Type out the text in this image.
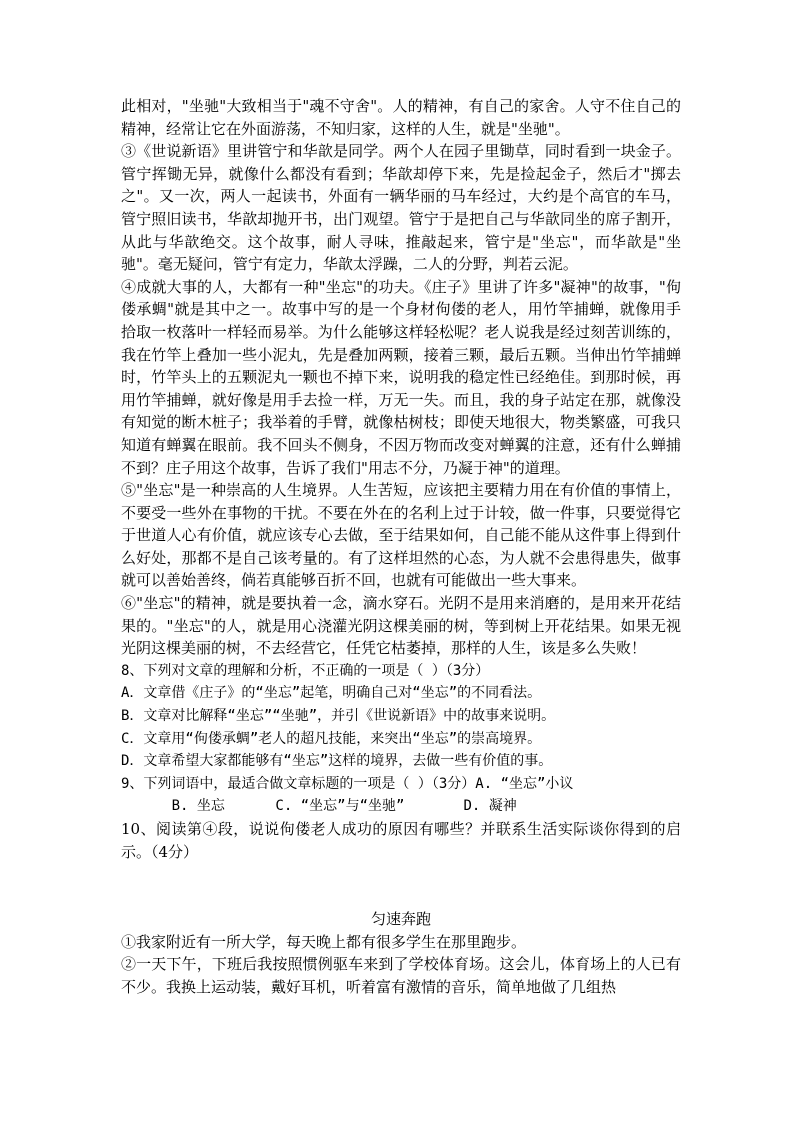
此相对，"坐驰"大致相当于"魂不守舍"。人的精神，有自己的家舍。人守不住自己的精神，经常让它在外面游荡，不知归家，这样的人生，就是"坐驰"。

③《世说新语》里讲管宁和华歆是同学。两个人在园子里锄草，同时看到一块金子。管宁挥锄无异，就像什么都没有看到；华歆却停下来，先是捡起金子，然后才"掷去之"。又一次，两人一起读书，外面有一辆华丽的马车经过，大约是个高官的车马，管宁照旧读书，华歆却抛开书，出门观望。管宁于是把自己与华歆同坐的席子割开，从此与华歆绝交。这个故事，耐人寻味，推敲起来，管宁是"坐忘"，而华歆是"坐驰"。毫无疑问，管宁有定力，华歆太浮躁，二人的分野，判若云泥。

④成就大事的人，大都有一种"坐忘"的功夫。《庄子》里讲了许多"凝神"的故事，"佝偻承蜩"就是其中之一。故事中写的是一个身材佝偻的老人，用竹竿捕蝉，就像用手拾取一枚落叶一样轻而易举。为什么能够这样轻松呢？老人说我是经过刻苦训练的，我在竹竿上叠加一些小泥丸，先是叠加两颗，接着三颗，最后五颗。当伸出竹竿捕蝉时，竹竿头上的五颗泥丸一颗也不掉下来，说明我的稳定性已经绝佳。到那时候，再用竹竿捕蝉，就好像是用手去捡一样，万无一失。而且，我的身子站定在那，就像没有知觉的断木桩子；我举着的手臂，就像枯树枝；即使天地很大，物类繁盛，可我只知道有蝉翼在眼前。我不回头不侧身，不因万物而改变对蝉翼的注意，还有什么蝉捕不到？庄子用这个故事，告诉了我们"用志不分，乃凝于神"的道理。

⑤"坐忘"是一种崇高的人生境界。人生苦短，应该把主要精力用在有价值的事情上，不要受一些外在事物的干扰。不要在外在的名利上过于计较，做一件事，只要觉得它于世道人心有价值，就应该专心去做，至于结果如何，自己能不能从这件事上得到什么好处，那都不是自己该考量的。有了这样坦然的心态，为人就不会患得患失，做事就可以善始善终，倘若真能够百折不回，也就有可能做出一些大事来。

⑥"坐忘"的精神，就是要执着一念，滴水穿石。光阴不是用来消磨的，是用来开花结果的。"坐忘"的人，就是用心浇灌光阴这棵美丽的树，等到树上开花结果。如果无视光阴这棵美丽的树，不去经营它，任凭它枯萎掉，那样的人生，该是多么失败！

8、下列对文章的理解和分析，不正确的一项是（ ）（3分）

A．文章借《庄子》的“坐忘”起笔，明确自己对“坐忘”的不同看法。

B．文章对比解释“坐忘”“坐驰”，并引《世说新语》中的故事来说明。

C．文章用“佝偻承蜩”老人的超凡技能，来突出“坐忘”的崇高境界。

D．文章希望大家都能够有“坐忘”这样的境界，去做一些有价值的事。

9、下列词语中，最适合做文章标题的一项是（ ）（3分）A. “坐忘”小议

B. 坐忘      C. “坐忘”与“坐驰”       D. 凝神

10、阅读第④段，说说佝偻老人成功的原因有哪些？并联系生活实际谈你得到的启示。（4分）

匀速奔跑

①我家附近有一所大学，每天晚上都有很多学生在那里跑步。

②一天下午，下班后我按照惯例驱车来到了学校体育场。这会儿，体育场上的人已有不少。我换上运动装，戴好耳机，听着富有激情的音乐，简单地做了几组热
